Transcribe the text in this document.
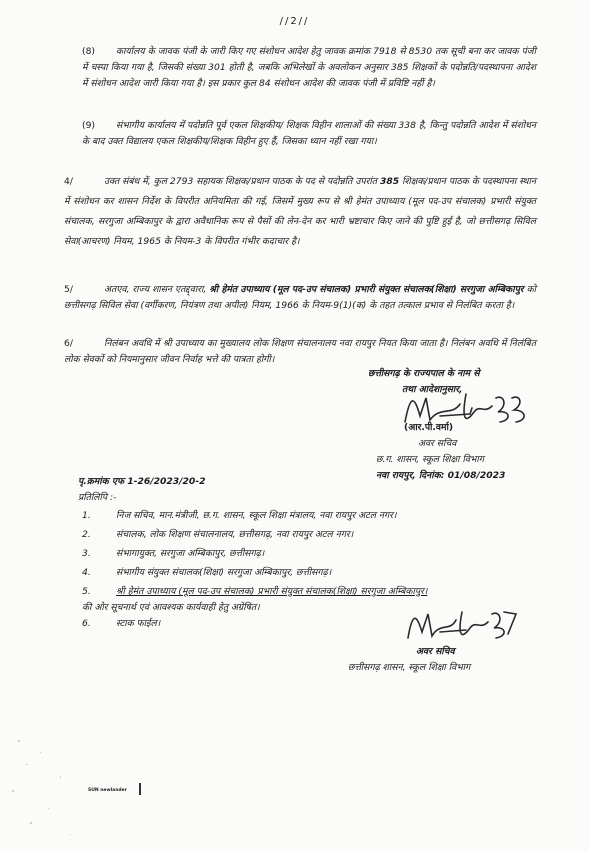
//2//
(8) कार्यालय के जावक पंजी के जारी किए गए संशोधन आदेश हेतु जावक क्रमांक 7918 से 8530 तक सूची बना कर जावक पंजी में चस्पा किया गया है, जिसकी संख्या 301 होती है, जबकि अभिलेखों के अवलोकन अनुसार 385 शिक्षकों के पदोन्नति/पदस्थापना आदेश में संशोधन आदेश जारी किया गया है। इस प्रकार कुल 84 संशोधन आदेश की जावक पंजी में प्रविष्टि नहीं है।
(9) संभागीय कार्यालय में पदोन्नति पूर्व एकल शिक्षकीय/ शिक्षक विहीन शालाओं की संख्या 338 है, किन्तु पदोन्नति आदेश में संशोधन के बाद उक्त विद्यालय एकल शिक्षकीय/शिक्षक विहीन हुए हैं, जिसका ध्यान नहीं रखा गया।
4/	उक्त संबंध में, कुल 2793 सहायक शिक्षक/प्रधान पाठक के पद से पदोन्नति उपरांत 385 शिक्षक/प्रधान पाठक के पदस्थापना स्थान में संशोधन कर शासन निर्देश के विपरीत अनियमिता की गई, जिसमें मुख्य रूप से श्री हेमंत उपाध्याय (मूल पद-उप संचालक) प्रभारी संयुक्त संचालक, सरगुजा अम्बिकापुर के द्वारा अवैधानिक रूप से पैसों की लेन-देन कर भारी भ्रष्टाचार किए जाने की पुष्टि हुई है, जो छत्तीसगढ़ सिविल सेवा(आचरण) नियम, 1965 के नियम-3 के विपरीत गंभीर कदाचार है।
5/	अतएव, राज्य शासन एतद्द्वारा, श्री हेमंत उपाध्याय (मूल पद-उप संचालक) प्रभारी संयुक्त संचालक(शिक्षा) सरगुजा अम्बिकापुर को छत्तीसगढ़ सिविल सेवा (वर्गीकरण, नियंत्रण तथा अपील) नियम, 1966 के नियम-9(1)(क) के तहत तत्काल प्रभाव से निलंबित करता है।
6/	निलंबन अवधि में श्री उपाध्याय का मुख्यालय लोक शिक्षण संचालनालय नवा रायपुर नियत किया जाता है। निलंबन अवधि में निलंबित लोक सेवकों को नियमानुसार जीवन निर्वाह भत्ते की पात्रता होगी।
छत्तीसगढ़ के राज्यपाल के नाम से
तथा आदेशानुसार,
(आर.पी.वर्मा)
अवर सचिव
छ.ग. शासन, स्कूल शिक्षा विभाग
नवा रायपुर, दिनांक: 01/08/2023
पृ.क्रमांक एफ 1-26/2023/20-2
प्रतिलिपि :-
1.	निज सचिव, मान.मंत्रीजी, छ.ग. शासन, स्कूल शिक्षा मंत्रालय, नवा रायपुर अटल नगर।
2.	संचालक, लोक शिक्षण संचालनालय, छत्तीसगढ़, नवा रायपुर अटल नगर।
3.	संभागायुक्त, सरगुजा अम्बिकापुर, छत्तीसगढ़।
4.	संभागीय संयुक्त संचालक(शिक्षा) सरगुजा अम्बिकापुर, छत्तीसगढ़।
5.	श्री हेमंत उपाध्याय (मूल पद-उप संचालक) प्रभारी संयुक्त संचालक(शिक्षा) सरगुजा अम्बिकापुर।
की ओर सूचनार्थ एवं आवश्यक कार्यवाही हेतु अग्रेषित।
6.	स्टाक फाईल।
अवर सचिव
छत्तीसगढ़ शासन, स्कूल शिक्षा विभाग
SUN newlander
